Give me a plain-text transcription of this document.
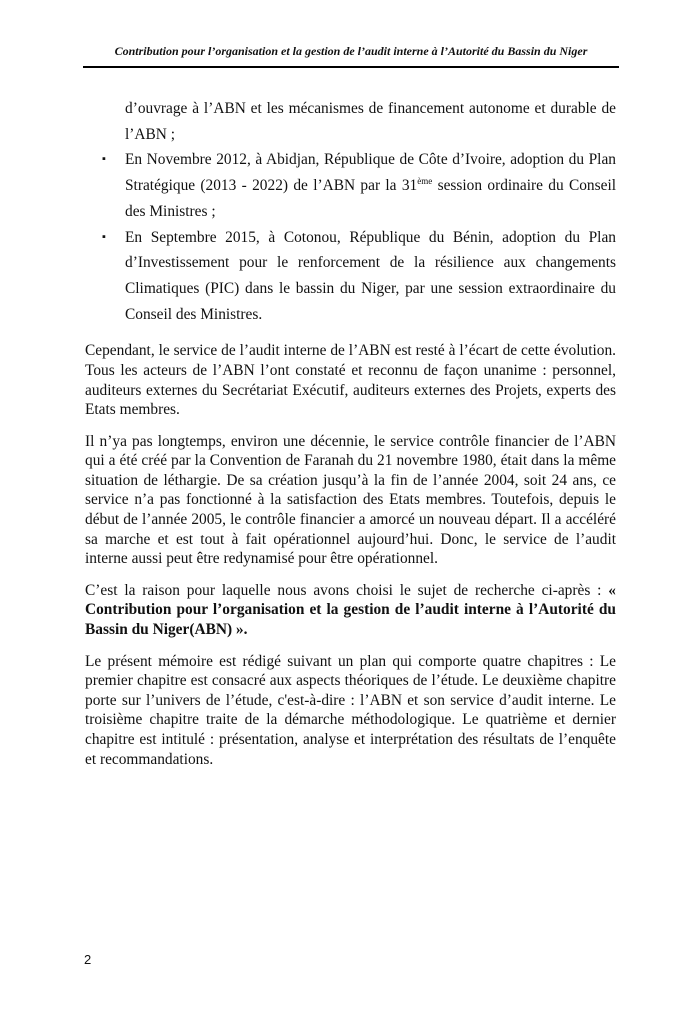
Contribution pour l’organisation et la gestion de l’audit interne à l’Autorité du Bassin du Niger
d’ouvrage à l’ABN et les mécanismes de financement autonome et durable de l’ABN ;
▪ En Novembre 2012, à Abidjan, République de Côte d’Ivoire, adoption du Plan Stratégique (2013 - 2022) de l’ABN par la 31ème session ordinaire du Conseil des Ministres ;
▪ En Septembre 2015, à Cotonou, République du Bénin, adoption du Plan d’Investissement pour le renforcement de la résilience aux changements Climatiques (PIC) dans le bassin du Niger, par une session extraordinaire du Conseil des Ministres.

Cependant, le service de l’audit interne de l’ABN est resté à l’écart de cette évolution. Tous les acteurs de l’ABN l’ont constaté et reconnu de façon unanime : personnel, auditeurs externes du Secrétariat Exécutif, auditeurs externes des Projets, experts des Etats membres.

Il n’ya pas longtemps, environ une décennie, le service contrôle financier de l’ABN qui a été créé par la Convention de Faranah du 21 novembre 1980, était dans la même situation de léthargie. De sa création jusqu’à la fin de l’année 2004, soit 24 ans, ce service n’a pas fonctionné à la satisfaction des Etats membres. Toutefois, depuis le début de l’année 2005, le contrôle financier a amorcé un nouveau départ. Il a accéléré sa marche et est tout à fait opérationnel aujourd’hui. Donc, le service de l’audit interne aussi peut être redynamisé pour être opérationnel.

C’est la raison pour laquelle nous avons choisi le sujet de recherche ci-après : « Contribution pour l’organisation et la gestion de l’audit interne à l’Autorité du Bassin du Niger(ABN) ».

Le présent mémoire est rédigé suivant un plan qui comporte quatre chapitres : Le premier chapitre est consacré aux aspects théoriques de l’étude. Le deuxième chapitre porte sur l’univers de l’étude, c'est-à-dire : l’ABN et son service d’audit interne. Le troisième chapitre traite de la démarche méthodologique. Le quatrième et dernier chapitre est intitulé : présentation, analyse et interprétation des résultats de l’enquête et recommandations.

2
